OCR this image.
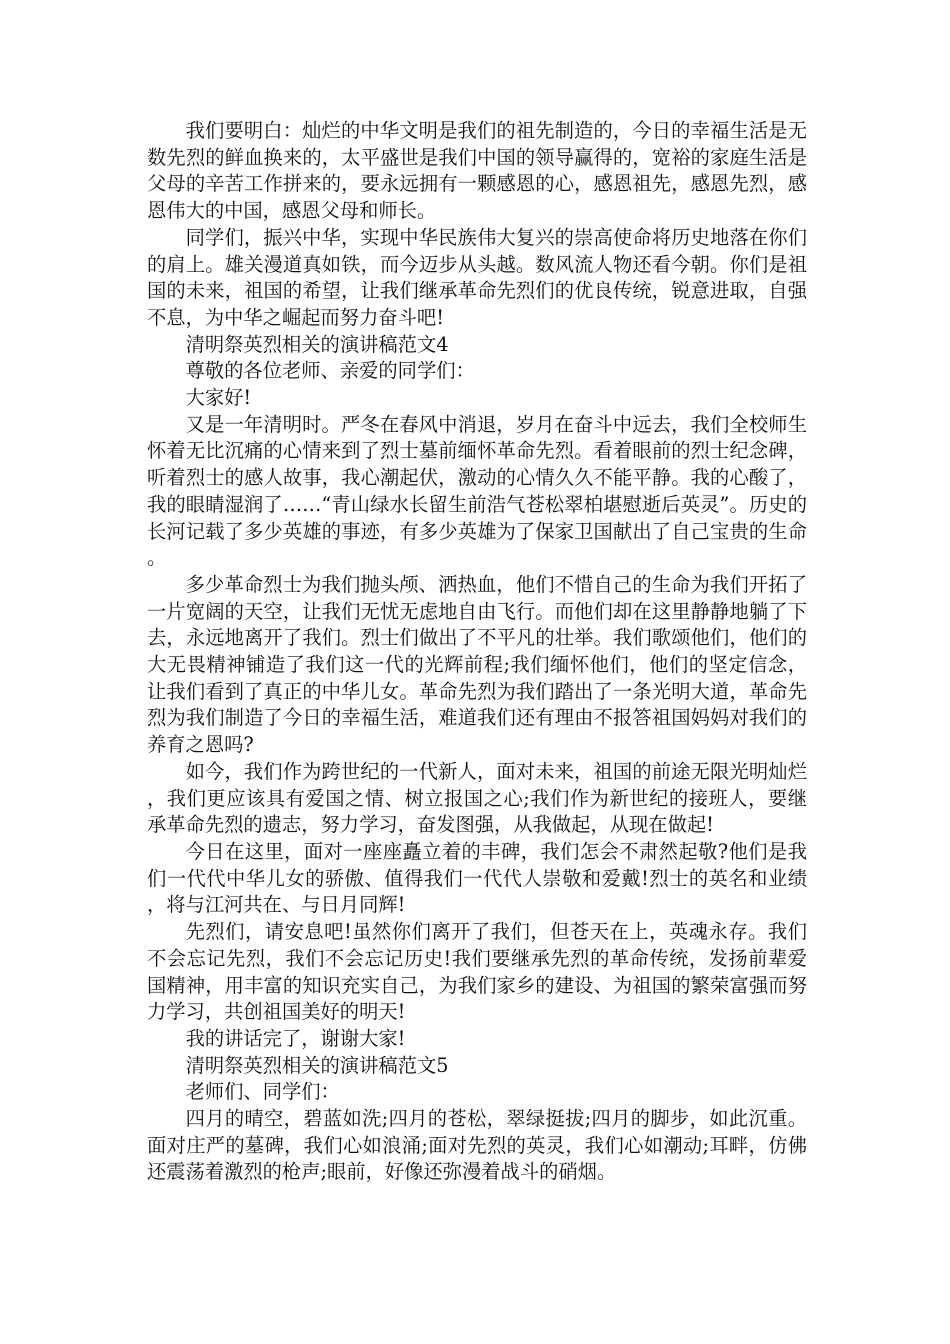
我们要明白：灿烂的中华文明是我们的祖先制造的，今日的幸福生活是无数先烈的鲜血换来的，太平盛世是我们中国的领导赢得的，宽裕的家庭生活是父母的辛苦工作拼来的，要永远拥有一颗感恩的心，感恩祖先，感恩先烈，感恩伟大的中国，感恩父母和师长。

同学们，振兴中华，实现中华民族伟大复兴的崇高使命将历史地落在你们的肩上。雄关漫道真如铁，而今迈步从头越。数风流人物还看今朝。你们是祖国的未来，祖国的希望，让我们继承革命先烈们的优良传统，锐意进取，自强不息，为中华之崛起而努力奋斗吧!

清明祭英烈相关的演讲稿范文4

尊敬的各位老师、亲爱的同学们：

大家好!

又是一年清明时。严冬在春风中消退，岁月在奋斗中远去，我们全校师生怀着无比沉痛的心情来到了烈士墓前缅怀革命先烈。看着眼前的烈士纪念碑，听着烈士的感人故事，我心潮起伏，激动的心情久久不能平静。我的心酸了，我的眼睛湿润了……“青山绿水长留生前浩气苍松翠柏堪慰逝后英灵”。历史的长河记载了多少英雄的事迹，有多少英雄为了保家卫国献出了自己宝贵的生命。

多少革命烈士为我们抛头颅、洒热血，他们不惜自己的生命为我们开拓了一片宽阔的天空，让我们无忧无虑地自由飞行。而他们却在这里静静地躺了下去，永远地离开了我们。烈士们做出了不平凡的壮举。我们歌颂他们，他们的大无畏精神铺造了我们这一代的光辉前程;我们缅怀他们，他们的坚定信念，让我们看到了真正的中华儿女。革命先烈为我们踏出了一条光明大道，革命先烈为我们制造了今日的幸福生活，难道我们还有理由不报答祖国妈妈对我们的养育之恩吗?

如今，我们作为跨世纪的一代新人，面对未来，祖国的前途无限光明灿烂，我们更应该具有爱国之情、树立报国之心;我们作为新世纪的接班人，要继承革命先烈的遗志，努力学习，奋发图强，从我做起，从现在做起!

今日在这里，面对一座座矗立着的丰碑，我们怎会不肃然起敬?他们是我们一代代中华儿女的骄傲、值得我们一代代人崇敬和爱戴!烈士的英名和业绩，将与江河共在、与日月同辉!

先烈们，请安息吧!虽然你们离开了我们，但苍天在上，英魂永存。我们不会忘记先烈，我们不会忘记历史!我们要继承先烈的革命传统，发扬前辈爱国精神，用丰富的知识充实自己，为我们家乡的建设、为祖国的繁荣富强而努力学习，共创祖国美好的明天!

我的讲话完了，谢谢大家!

清明祭英烈相关的演讲稿范文5

老师们、同学们：

四月的晴空，碧蓝如洗;四月的苍松，翠绿挺拔;四月的脚步，如此沉重。面对庄严的墓碑，我们心如浪涌;面对先烈的英灵，我们心如潮动;耳畔，仿佛还震荡着激烈的枪声;眼前，好像还弥漫着战斗的硝烟。
